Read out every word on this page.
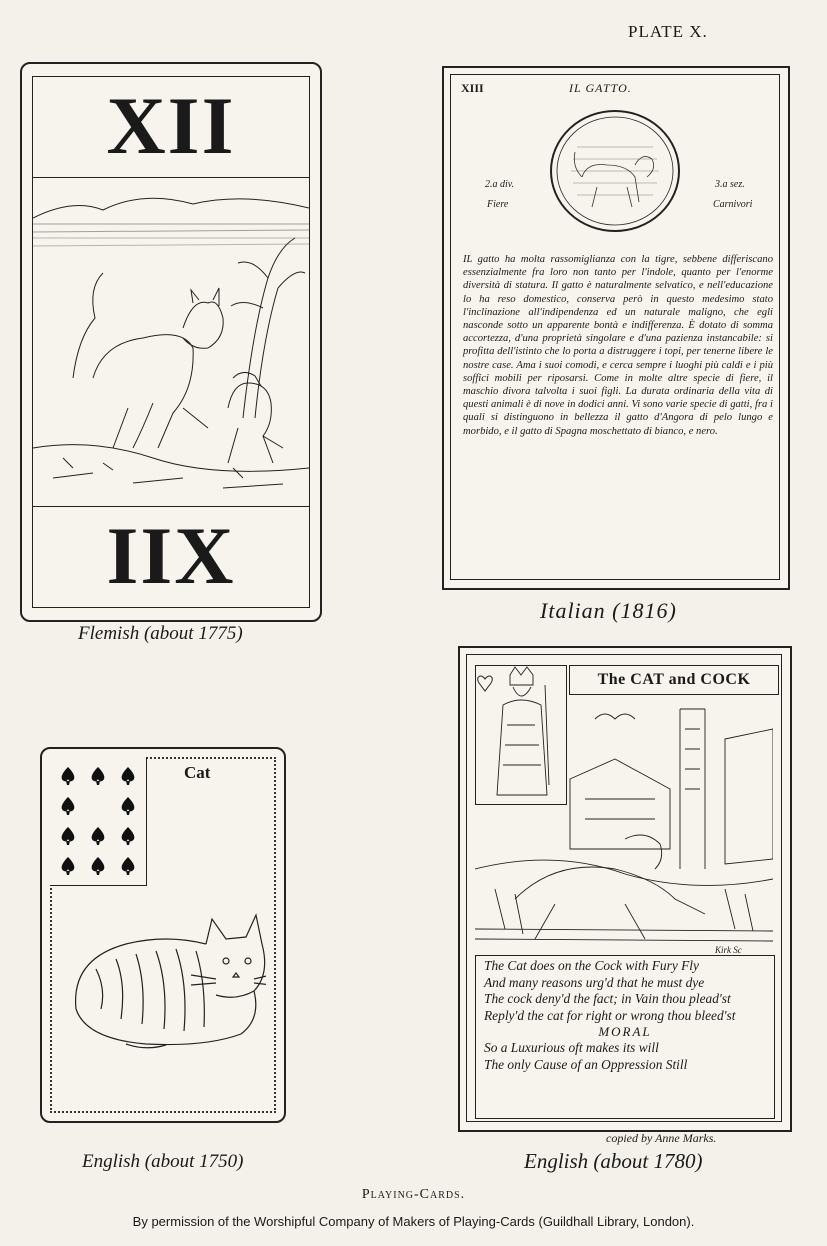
PLATE X.
XII
IIX
Flemish (about 1775)
XIII	IL GATTO.
2.a div.
Fiere
3.a sez.
Carnivori
IL gatto ha molta rassomiglianza con la tigre, sebbene differiscano essenzialmente fra loro non tanto per l'indole, quanto per l'enorme diversità di statura. Il gatto è naturalmente selvatico, e nell'educazione lo ha reso domestico, conserva però in questo medesimo stato l'inclinazione all'indipendenza ed un naturale maligno, che egli nasconde sotto un apparente bontà e indifferenza. È dotato di somma accortezza, d'una proprietà singolare e d'una pazienza instancabile: si profitta dell'istinto che lo porta a distruggere i topi, per tenerne libere le nostre case. Ama i suoi comodi, e cerca sempre i luoghi più caldi e i più soffici mobili per riposarsi. Come in molte altre specie di fiere, il maschio divora talvolta i suoi figli. La durata ordinaria della vita di questi animali è di nove in dodici anni. Vi sono varie specie di gatti, fra i quali si distinguono in bellezza il gatto d'Angora di pelo lungo e morbido, e il gatto di Spagna moschettato di bianco, e nero.
Italian (1816)
Cat
English (about 1750)
The CAT and COCK
Kirk Sc
The Cat does on the Cock with Fury Fly
And many reasons urg'd that he must dye
The cock deny'd the fact; in Vain thou plead'st
Reply'd the cat for right or wrong thou bleed'st
MORAL
So a Luxurious oft makes its will
The only Cause of an Oppression Still
copied by Anne Marks.
English (about 1780)
Playing-Cards.
By permission of the Worshipful Company of Makers of Playing-Cards (Guildhall Library, London).
